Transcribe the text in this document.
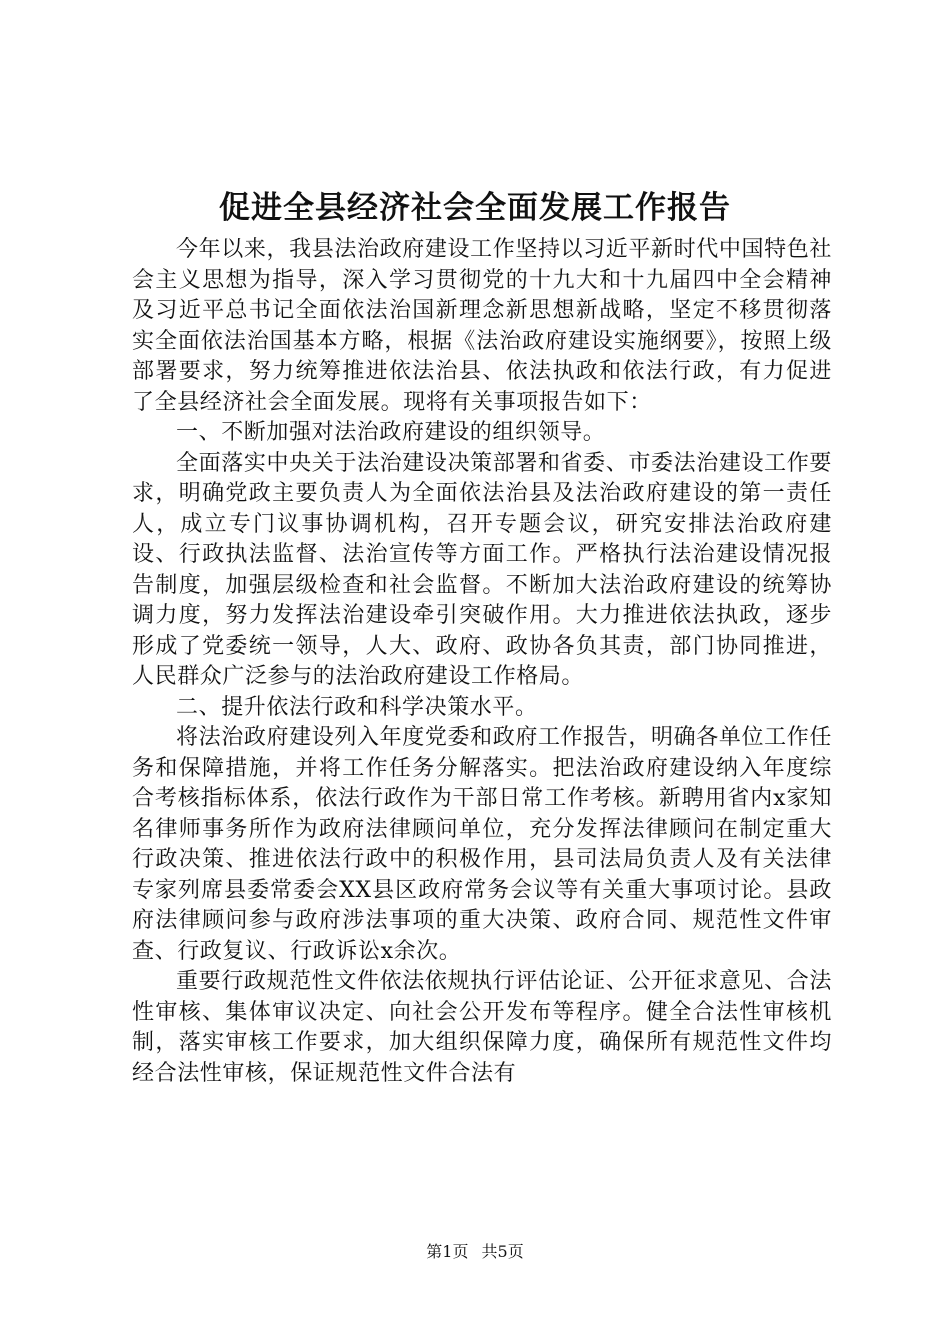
促进全县经济社会全面发展工作报告

今年以来，我县法治政府建设工作坚持以习近平新时代中国特色社会主义思想为指导，深入学习贯彻党的十九大和十九届四中全会精神及习近平总书记全面依法治国新理念新思想新战略，坚定不移贯彻落实全面依法治国基本方略，根据《法治政府建设实施纲要》，按照上级部署要求，努力统筹推进依法治县、依法执政和依法行政，有力促进了全县经济社会全面发展。现将有关事项报告如下：

一、不断加强对法治政府建设的组织领导。

全面落实中央关于法治建设决策部署和省委、市委法治建设工作要求，明确党政主要负责人为全面依法治县及法治政府建设的第一责任人，成立专门议事协调机构，召开专题会议，研究安排法治政府建设、行政执法监督、法治宣传等方面工作。严格执行法治建设情况报告制度，加强层级检查和社会监督。不断加大法治政府建设的统筹协调力度，努力发挥法治建设牵引突破作用。大力推进依法执政，逐步形成了党委统一领导，人大、政府、政协各负其责，部门协同推进，人民群众广泛参与的法治政府建设工作格局。

二、提升依法行政和科学决策水平。

将法治政府建设列入年度党委和政府工作报告，明确各单位工作任务和保障措施，并将工作任务分解落实。把法治政府建设纳入年度综合考核指标体系，依法行政作为干部日常工作考核。新聘用省内x家知名律师事务所作为政府法律顾问单位，充分发挥法律顾问在制定重大行政决策、推进依法行政中的积极作用，县司法局负责人及有关法律专家列席县委常委会XX县区政府常务会议等有关重大事项讨论。县政府法律顾问参与政府涉法事项的重大决策、政府合同、规范性文件审查、行政复议、行政诉讼x余次。

重要行政规范性文件依法依规执行评估论证、公开征求意见、合法性审核、集体审议决定、向社会公开发布等程序。健全合法性审核机制，落实审核工作要求，加大组织保障力度，确保所有规范性文件均经合法性审核，保证规范性文件合法有

第1页 共5页
